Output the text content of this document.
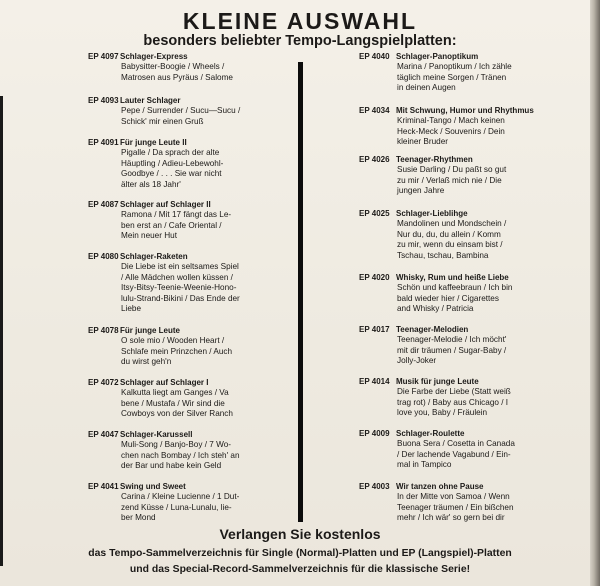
KLEINE AUSWAHL
besonders beliebter Tempo-Langspielplatten:
EP 4097Schlager-Express
Babysitter-Boogie / Wheels /
Matrosen aus Pyräus / Salome
EP 4093Lauter Schlager
Pepe / Surrender / Sucu—Sucu /
Schick' mir einen Gruß
EP 4091Für junge Leute II
Pigalle / Da sprach der alte
Häuptling / Adieu-Lebewohl-
Goodbye / . . . Sie war nicht
älter als 18 Jahr'
EP 4087Schlager auf Schlager II
Ramona / Mit 17 fängt das Le-
ben erst an / Cafe Oriental /
Mein neuer Hut
EP 4080Schlager-Raketen
Die Liebe ist ein seltsames Spiel
/ Alle Mädchen wollen küssen /
Itsy-Bitsy-Teenie-Weenie-Hono-
lulu-Strand-Bikini / Das Ende der
Liebe
EP 4078Für junge Leute
O sole mio / Wooden Heart /
Schlafe mein Prinzchen / Auch
du wirst geh'n
EP 4072Schlager auf Schlager I
Kalkutta liegt am Ganges / Va
bene / Mustafa / Wir sind die
Cowboys von der Silver Ranch
EP 4047Schlager-Karussell
Muli-Song / Banjo-Boy / 7 Wo-
chen nach Bombay / Ich steh' an
der Bar und habe kein Geld
EP 4041Swing und Sweet
Carina / Kleine Lucienne / 1 Dut-
zend Küsse / Luna-Lunalu, lie-
ber Mond
EP 4040 Schlager-Panoptikum
Marina / Panoptikum / Ich zähle
täglich meine Sorgen / Tränen
in deinen Augen
EP 4034 Mit Schwung, Humor und Rhythmus
Kriminal-Tango / Mach keinen
Heck-Meck / Souvenirs / Dein
kleiner Bruder
EP 4026 Teenager-Rhythmen
Susie Darling / Du paßt so gut
zu mir / Verlaß mich nie / Die
jungen Jahre
EP 4025 Schlager-Lieblihge
Mandolinen und Mondschein /
Nur du, du, du allein / Komm
zu mir, wenn du einsam bist /
Tschau, tschau, Bambina
EP 4020 Whisky, Rum und heiße Liebe
Schön und kaffeebraun / Ich bin
bald wieder hier / Cigarettes
and Whisky / Patricia
EP 4017 Teenager-Melodien
Teenager-Melodie / Ich möcht'
mit dir träumen / Sugar-Baby /
Jolly-Joker
EP 4014 Musik für junge Leute
Die Farbe der Liebe (Statt weiß
trag rot) / Baby aus Chicago / I
love you, Baby / Fräulein
EP 4009 Schlager-Roulette
Buona Sera / Cosetta in Canada
/ Der lachende Vagabund / Ein-
mal in Tampico
EP 4003 Wir tanzen ohne Pause
In der Mitte von Samoa / Wenn
Teenager träumen / Ein bißchen
mehr / Ich wär' so gern bei dir
Verlangen Sie kostenlos
das Tempo-Sammelverzeichnis für Single (Normal)-Platten und EP (Langspiel)-Platten
und das Special-Record-Sammelverzeichnis für die klassische Serie!
